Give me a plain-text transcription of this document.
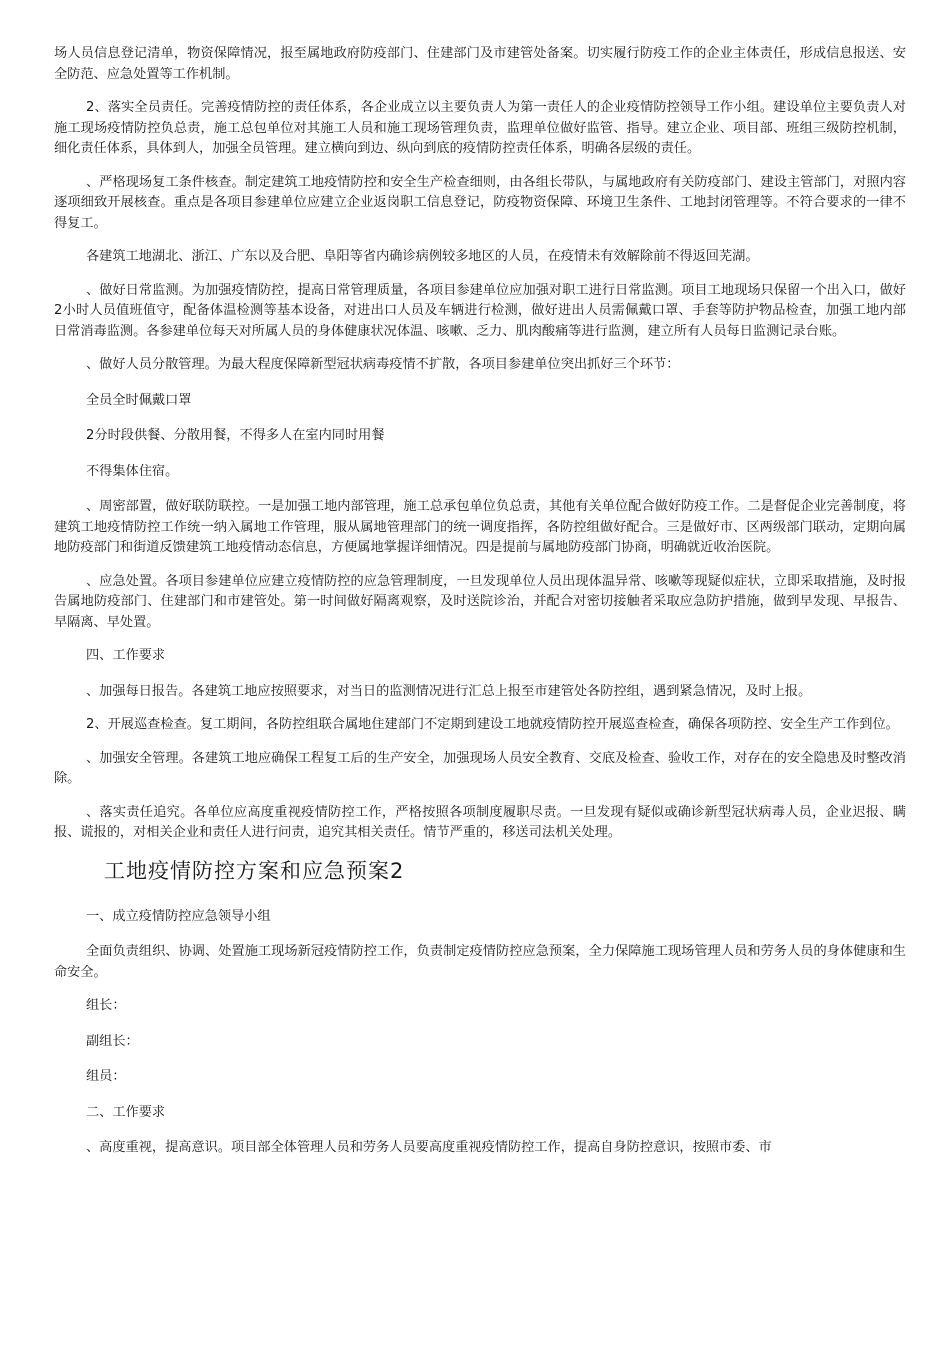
场人员信息登记清单，物资保障情况，报至属地政府防疫部门、住建部门及市建管处备案。切实履行防疫工作的企业主体责任，形成信息报送、安全防范、应急处置等工作机制。

2、落实全员责任。完善疫情防控的责任体系，各企业成立以主要负责人为第一责任人的企业疫情防控领导工作小组。建设单位主要负责人对施工现场疫情防控负总责，施工总包单位对其施工人员和施工现场管理负责，监理单位做好监管、指导。建立企业、项目部、班组三级防控机制，细化责任体系，具体到人，加强全员管理。建立横向到边、纵向到底的疫情防控责任体系，明确各层级的责任。

、严格现场复工条件核查。制定建筑工地疫情防控和安全生产检查细则，由各组长带队，与属地政府有关防疫部门、建设主管部门，对照内容逐项细致开展核查。重点是各项目参建单位应建立企业返岗职工信息登记，防疫物资保障、环境卫生条件、工地封闭管理等。不符合要求的一律不得复工。

各建筑工地湖北、浙江、广东以及合肥、阜阳等省内确诊病例较多地区的人员，在疫情未有效解除前不得返回芜湖。

、做好日常监测。为加强疫情防控，提高日常管理质量，各项目参建单位应加强对职工进行日常监测。项目工地现场只保留一个出入口，做好2小时人员值班值守，配备体温检测等基本设备，对进出口人员及车辆进行检测，做好进出人员需佩戴口罩、手套等防护物品检查，加强工地内部日常消毒监测。各参建单位每天对所属人员的身体健康状况体温、咳嗽、乏力、肌肉酸痛等进行监测，建立所有人员每日监测记录台账。

、做好人员分散管理。为最大程度保障新型冠状病毒疫情不扩散，各项目参建单位突出抓好三个环节：

全员全时佩戴口罩

2分时段供餐、分散用餐，不得多人在室内同时用餐

不得集体住宿。

、周密部置，做好联防联控。一是加强工地内部管理，施工总承包单位负总责，其他有关单位配合做好防疫工作。二是督促企业完善制度，将建筑工地疫情防控工作统一纳入属地工作管理，服从属地管理部门的统一调度指挥，各防控组做好配合。三是做好市、区两级部门联动，定期向属地防疫部门和街道反馈建筑工地疫情动态信息，方便属地掌握详细情况。四是提前与属地防疫部门协商，明确就近收治医院。

、应急处置。各项目参建单位应建立疫情防控的应急管理制度，一旦发现单位人员出现体温异常、咳嗽等现疑似症状，立即采取措施，及时报告属地防疫部门、住建部门和市建管处。第一时间做好隔离观察，及时送院诊治，并配合对密切接触者采取应急防护措施，做到早发现、早报告、早隔离、早处置。

四、工作要求

、加强每日报告。各建筑工地应按照要求，对当日的监测情况进行汇总上报至市建管处各防控组，遇到紧急情况，及时上报。

2、开展巡查检查。复工期间，各防控组联合属地住建部门不定期到建设工地就疫情防控开展巡查检查，确保各项防控、安全生产工作到位。

、加强安全管理。各建筑工地应确保工程复工后的生产安全，加强现场人员安全教育、交底及检查、验收工作，对存在的安全隐患及时整改消除。

、落实责任追究。各单位应高度重视疫情防控工作，严格按照各项制度履职尽责。一旦发现有疑似或确诊新型冠状病毒人员，企业迟报、瞒报、谎报的，对相关企业和责任人进行问责，追究其相关责任。情节严重的，移送司法机关处理。

工地疫情防控方案和应急预案2

一、成立疫情防控应急领导小组

全面负责组织、协调、处置施工现场新冠疫情防控工作，负责制定疫情防控应急预案，全力保障施工现场管理人员和劳务人员的身体健康和生命安全。

组长：

副组长：

组员：

二、工作要求

、高度重视，提高意识。项目部全体管理人员和劳务人员要高度重视疫情防控工作，提高自身防控意识，按照市委、市
